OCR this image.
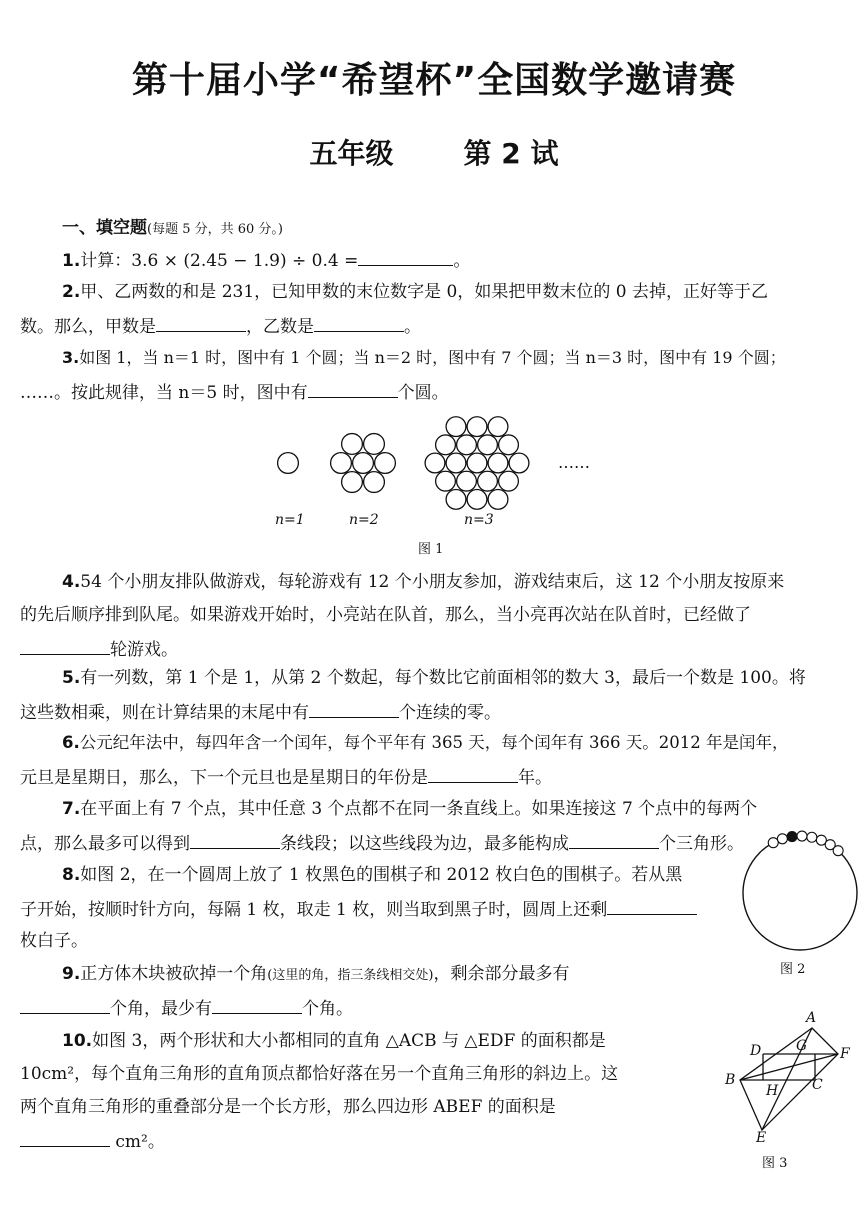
第十届小学“希望杯”全国数学邀请赛
五年级	第 2 试
一、填空题(每题 5 分，共 60 分。)
1.计算：3.6 × (2.45 − 1.9) ÷ 0.4 =	。
2.甲、乙两数的和是 231，已知甲数的末位数字是 0，如果把甲数末位的 0 去掉，正好等于乙
数。那么，甲数是	，乙数是	。
3.如图 1，当 n＝1 时，图中有 1 个圆；当 n＝2 时，图中有 7 个圆；当 n＝3 时，图中有 19 个圆；
……。按此规律，当 n＝5 时，图中有	个圆。
n=1	n=2	n=3
……
图 1
4.54 个小朋友排队做游戏，每轮游戏有 12 个小朋友参加，游戏结束后，这 12 个小朋友按原来
的先后顺序排到队尾。如果游戏开始时，小亮站在队首，那么，当小亮再次站在队首时，已经做了
轮游戏。
5.有一列数，第 1 个是 1，从第 2 个数起，每个数比它前面相邻的数大 3，最后一个数是 100。将
这些数相乘，则在计算结果的末尾中有	个连续的零。
6.公元纪年法中，每四年含一个闰年，每个平年有 365 天，每个闰年有 366 天。2012 年是闰年，
元旦是星期日，那么，下一个元旦也是星期日的年份是	年。
7.在平面上有 7 个点，其中任意 3 个点都不在同一条直线上。如果连接这 7 个点中的每两个
点，那么最多可以得到	条线段；以这些线段为边，最多能构成	个三角形。
8.如图 2，在一个圆周上放了 1 枚黑色的围棋子和 2012 枚白色的围棋子。若从黑
子开始，按顺时针方向，每隔 1 枚，取走 1 枚，则当取到黑子时，圆周上还剩
枚白子。
图 2
9.正方体木块被砍掉一个角(这里的角，指三条线相交处)，剩余部分最多有
个角，最少有	个角。
10.如图 3，两个形状和大小都相同的直角 △ACB 与 △EDF 的面积都是
10cm²，每个直角三角形的直角顶点都恰好落在另一个直角三角形的斜边上。这
两个直角三角形的重叠部分是一个长方形，那么四边形 ABEF 的面积是
cm²。
A
B	C
D
E
F
G
H
图 3
